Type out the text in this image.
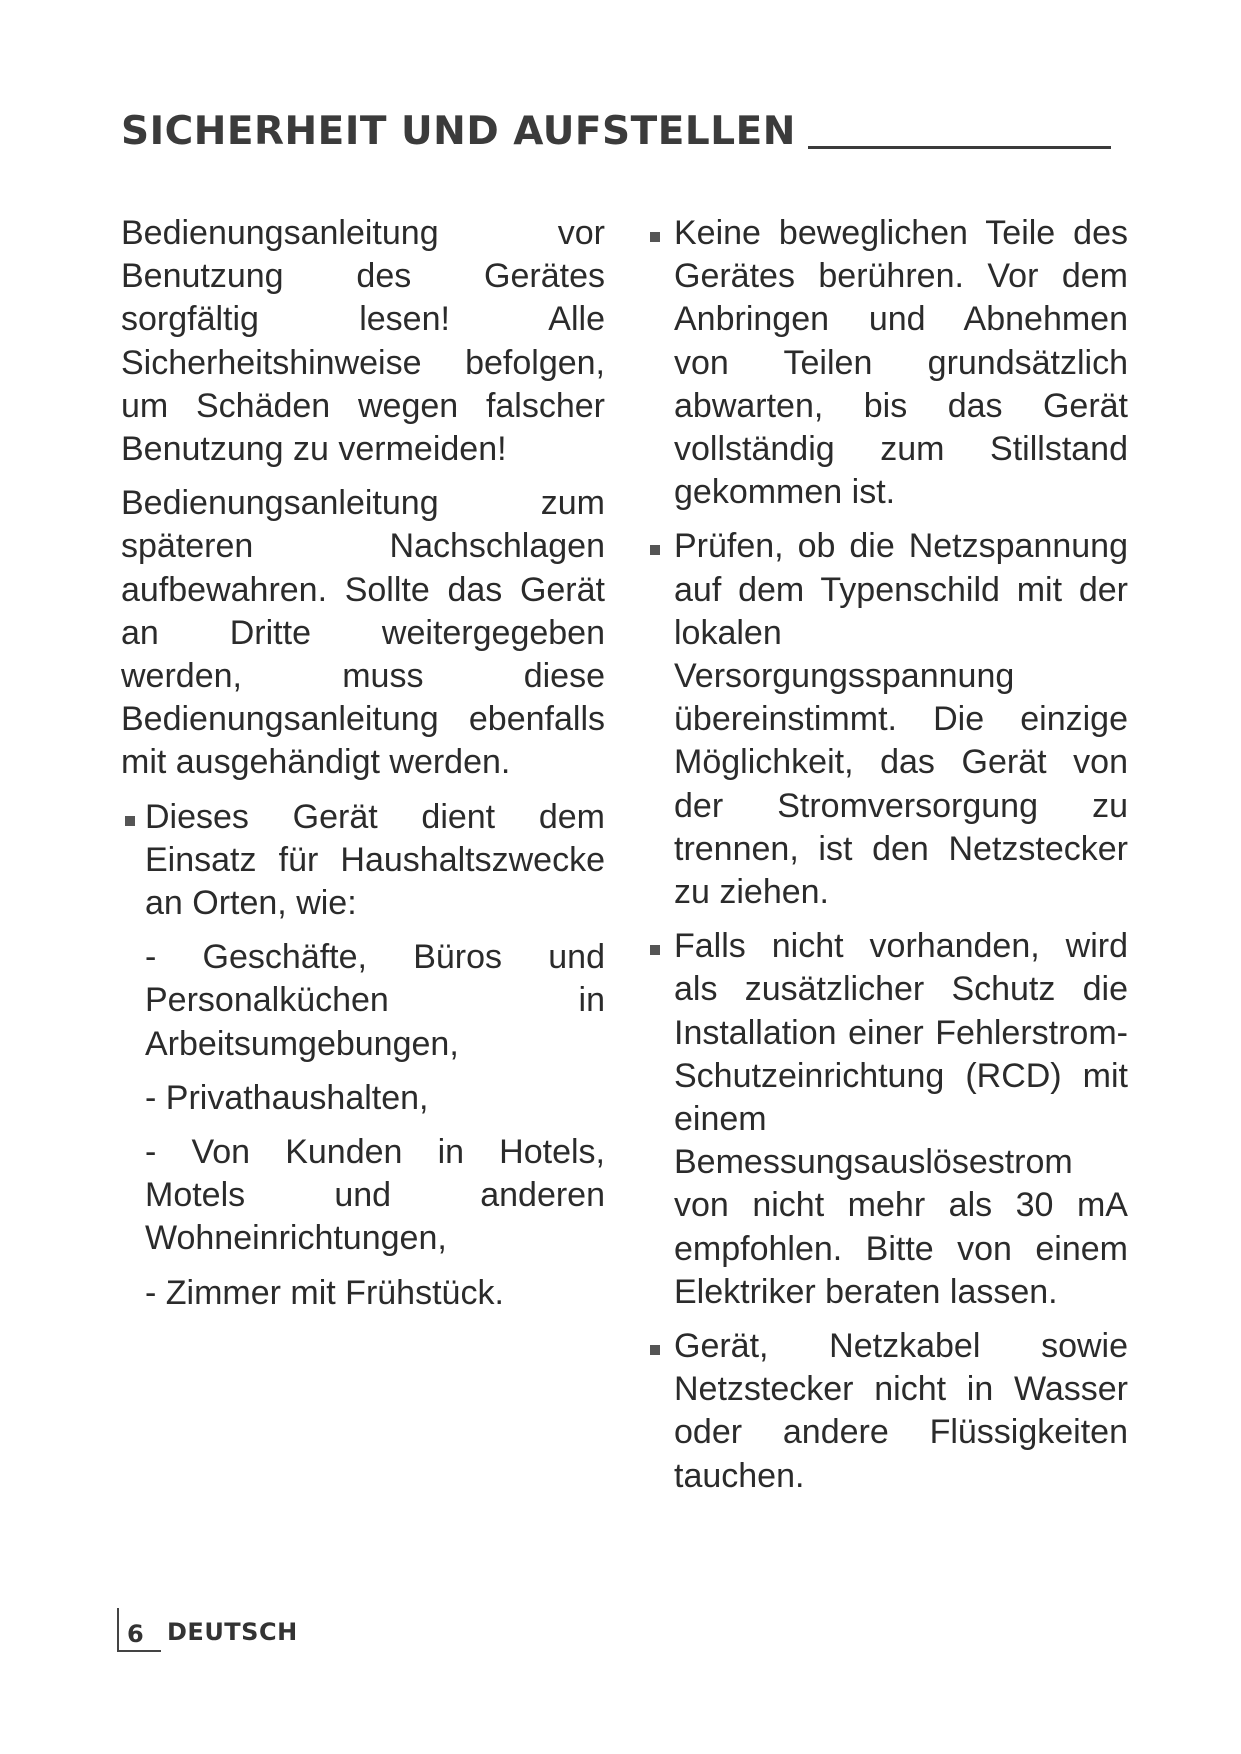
SICHERHEIT UND AUFSTELLEN

Bedienungsanleitung vor Benutzung des Gerätes sorgfältig lesen! Alle Sicherheitshinweise befolgen, um Schäden wegen falscher Benutzung zu vermeiden!

Bedienungsanleitung zum späteren Nachschlagen aufbewahren. Sollte das Gerät an Dritte weitergegeben werden, muss diese Bedienungsanleitung ebenfalls mit ausgehändigt werden.

Dieses Gerät dient dem Einsatz für Haushaltszwecke an Orten, wie:
- Geschäfte, Büros und Personalküchen in Arbeitsumgebungen,
- Privathaushalten,
- Von Kunden in Hotels, Motels und anderen Wohneinrichtungen,
- Zimmer mit Frühstück.
Keine beweglichen Teile des Gerätes berühren. Vor dem Anbringen und Abnehmen von Teilen grundsätzlich abwarten, bis das Gerät vollständig zum Stillstand gekommen ist.
Prüfen, ob die Netzspannung auf dem Typenschild mit der lokalen Versorgungsspannung übereinstimmt. Die einzige Möglichkeit, das Gerät von der Stromversorgung zu trennen, ist den Netzstecker zu ziehen.
Falls nicht vorhanden, wird als zusätzlicher Schutz die Installation einer Fehlerstrom-Schutzeinrichtung (RCD) mit einem Bemessungsauslösestrom von nicht mehr als 30 mA empfohlen. Bitte von einem Elektriker beraten lassen.
Gerät, Netzkabel sowie Netzstecker nicht in Wasser oder andere Flüssigkeiten tauchen.
6 DEUTSCH
